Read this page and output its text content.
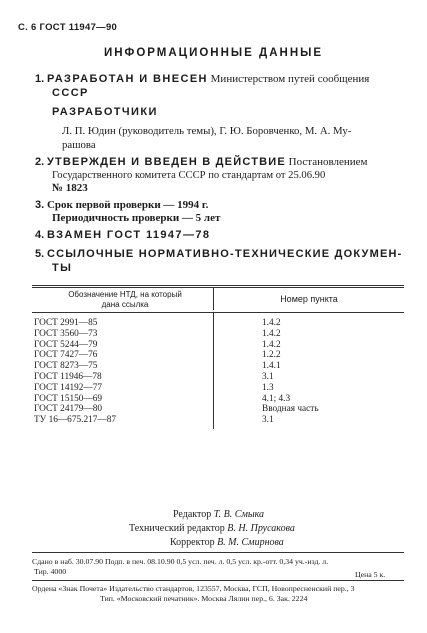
С. 6 ГОСТ 11947—90
ИНФОРМАЦИОННЫЕ ДАННЫЕ
1. РАЗРАБОТАН И ВНЕСЕН Министерством путей сообщения
СССР
РАЗРАБОТЧИКИ
Л. П. Юдин (руководитель темы), Г. Ю. Боровченко, М. А. Му-
рашова
2. УТВЕРЖДЕН И ВВЕДЕН В ДЕЙСТВИЕ Постановлением
Государственного комитета СССР по стандартам от 25.06.90
№ 1823
3. Срок первой проверки — 1994 г.
Периодичность проверки — 5 лет
4. ВЗАМЕН ГОСТ 11947—78
5. ССЫЛОЧНЫЕ НОРМАТИВНО-ТЕХНИЧЕСКИЕ ДОКУМЕН-
ТЫ
Обозначение НТД, на который
дана ссылка
Номер пункта
ГОСТ 2991—85	1.4.2
ГОСТ 3560—73	1.4.2
ГОСТ 5244—79	1.4.2
ГОСТ 7427—76	1.2.2
ГОСТ 8273—75	1.4.1
ГОСТ 11946—78	3.1
ГОСТ 14192—77	1.3
ГОСТ 15150—69	4.1; 4.3
ГОСТ 24179—80	Вводная часть
ТУ 16—675.217—87	3.1
Редактор Т. В. Смыка
Технический редактор В. Н. Прусакова
Корректор В. М. Смирнова
Сдано в наб. 30.07.90 Подп. в печ. 08.10.90 0,5 усл. печ. л. 0,5 усл. кр.-отт. 0,34 уч.-изд. л.
Тир. 4000	Цена 5 к.
Ордена «Знак Почета» Издательство стандартов, 123557, Москва, ГСП, Новопресненский пер., 3
Тип. «Московский печатник». Москва Лялин пер., 6. Зак. 2224
